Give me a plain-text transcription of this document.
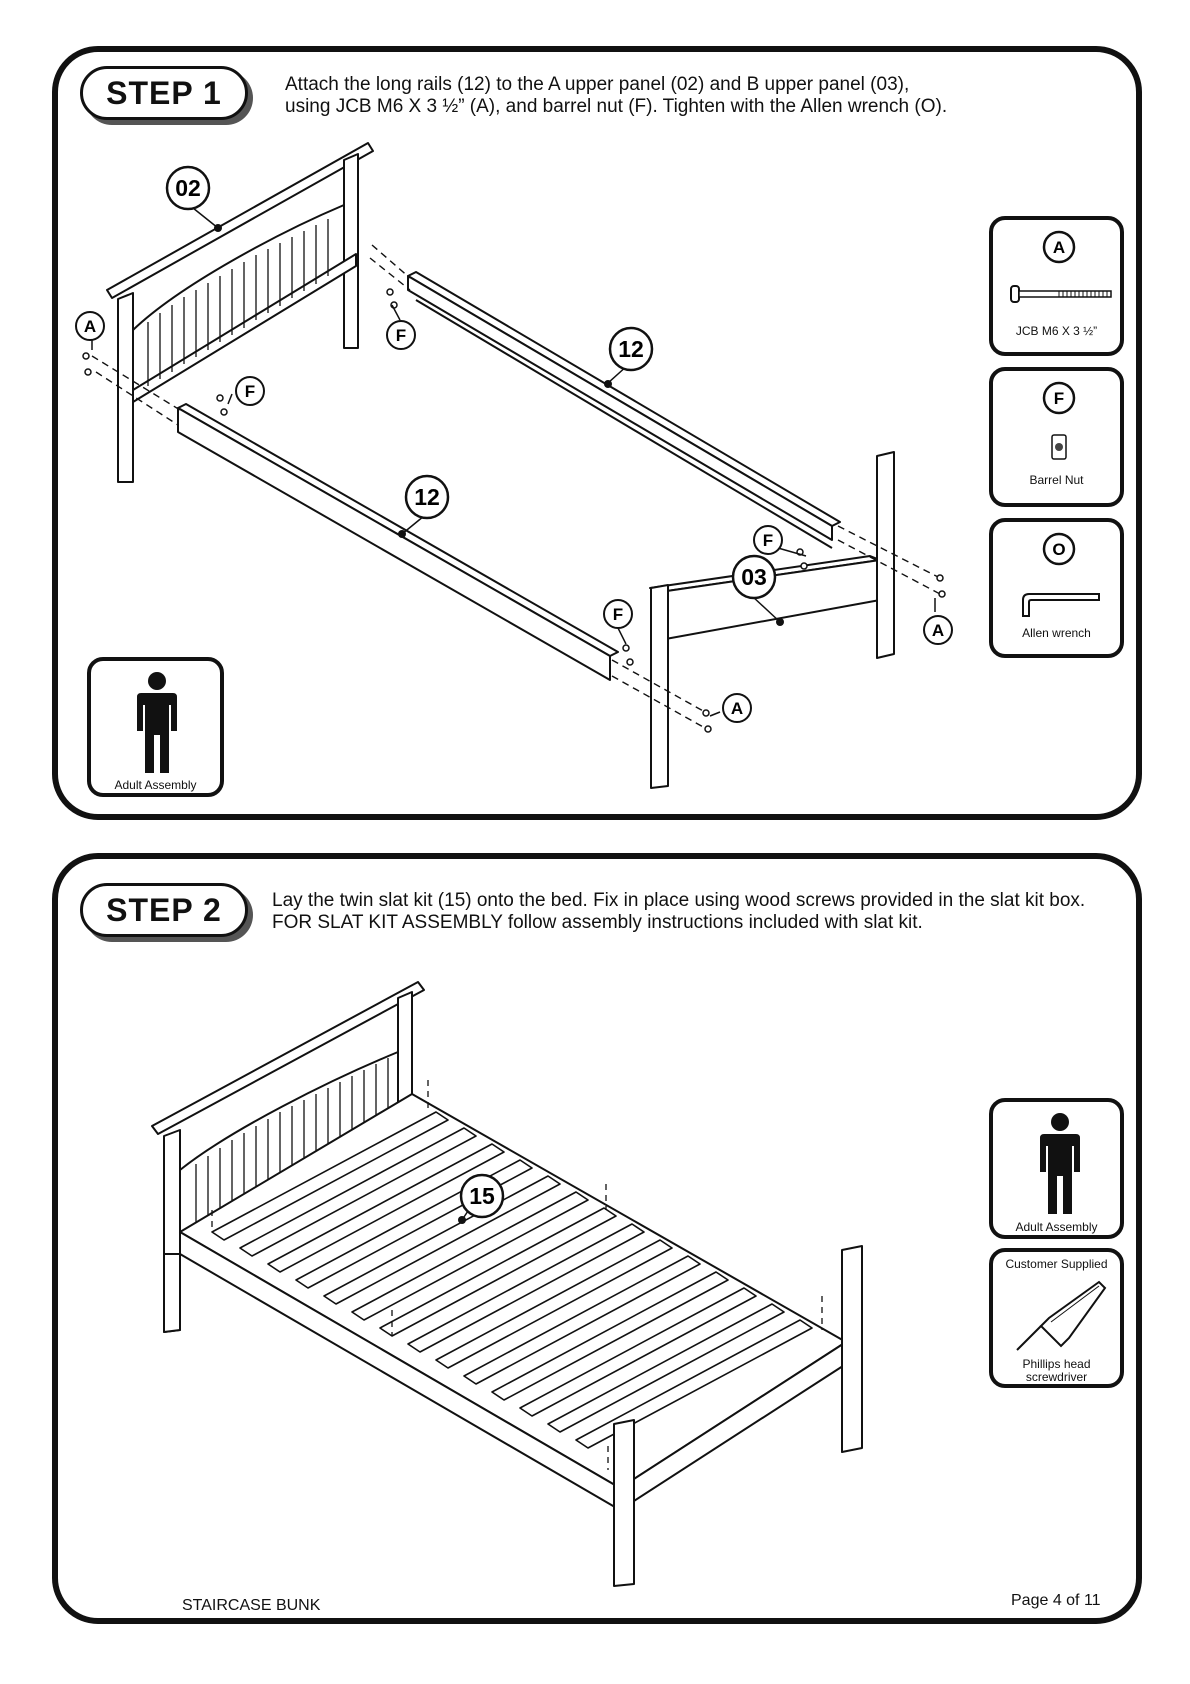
STEP 1	Attach the long rails (12) to the A upper panel (02) and B upper panel (03),
using JCB M6 X 3 ½” (A), and barrel nut (F). Tighten with the Allen wrench (O).
02
12
12
03
A	F
F
F
F
A
A
A
JCB M6 X 3 ½”
F
Barrel Nut
O
Allen wrench
Adult Assembly
STEP 2	Lay the twin slat kit (15) onto the bed. Fix in place using wood screws provided in the slat kit box.
FOR SLAT KIT ASSEMBLY follow assembly instructions included with slat kit.
15
Adult Assembly
Customer Supplied
Phillips head
screwdriver
STAIRCASE BUNK	Page 4 of 11
